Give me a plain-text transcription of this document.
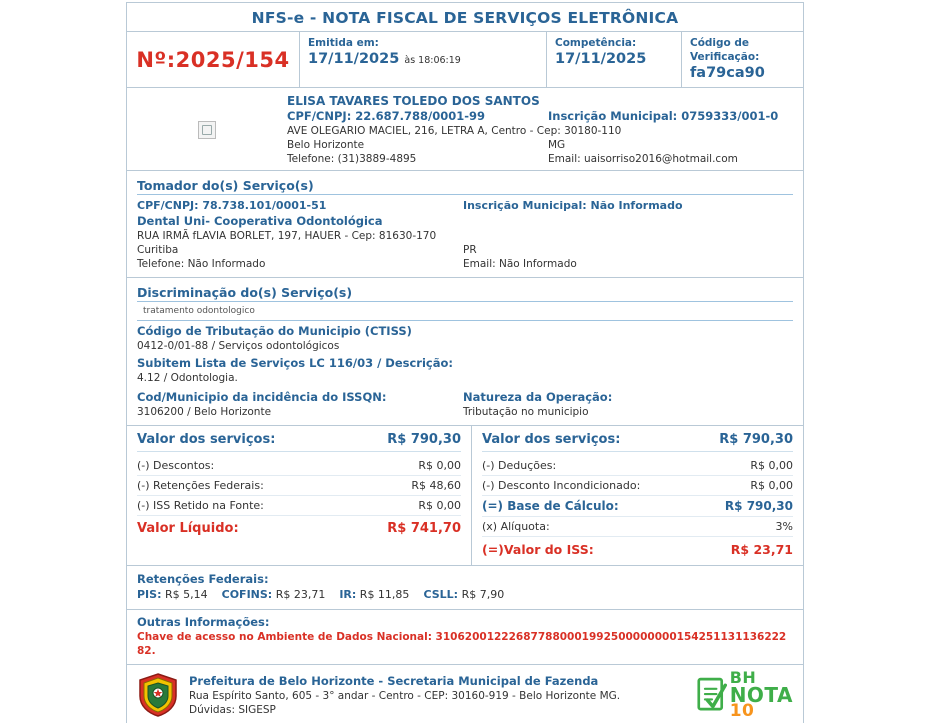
NFS-e - NOTA FISCAL DE SERVIÇOS ELETRÔNICA
Nº:2025/154
Emitida em:
17/11/2025 às 18:06:19
Competência:
17/11/2025
Código de Verificação:
fa79ca90
ELISA TAVARES TOLEDO DOS SANTOS
CPF/CNPJ: 22.687.788/0001-99	Inscrição Municipal: 0759333/001-0
AVE OLEGARIO MACIEL, 216, LETRA A, Centro - Cep: 30180-110
Belo Horizonte	MG
Telefone: (31)3889-4895	Email: uaisorriso2016@hotmail.com
Tomador do(s) Serviço(s)
CPF/CNPJ: 78.738.101/0001-51	Inscrição Municipal: Não Informado
Dental Uni- Cooperativa Odontológica
RUA IRMÃ fLAVIA BORLET, 197, HAUER - Cep: 81630-170
Curitiba	PR
Telefone: Não Informado	Email: Não Informado
Discriminação do(s) Serviço(s)
tratamento odontologico
Código de Tributação do Municipio (CTISS)
0412-0/01-88 / Serviços odontológicos
Subitem Lista de Serviços LC 116/03 / Descrição:
4.12 / Odontologia.
Cod/Municipio da incidência do ISSQN:
3106200 / Belo Horizonte
Natureza da Operação:
Tributação no municipio
Valor dos serviços:	R$ 790,30
(-) Descontos:	R$ 0,00
(-) Retenções Federais:	R$ 48,60
(-) ISS Retido na Fonte:	R$ 0,00
Valor Líquido:	R$ 741,70
Valor dos serviços:	R$ 790,30
(-) Deduções:	R$ 0,00
(-) Desconto Incondicionado:	R$ 0,00
(=) Base de Cálculo:	R$ 790,30
(x) Alíquota:	3%
(=)Valor do ISS:	R$ 23,71
Retenções Federais:
PIS: R$ 5,14 COFINS: R$ 23,71 IR: R$ 11,85 CSLL: R$ 7,90
Outras Informações:
Chave de acesso no Ambiente de Dados Nacional: 31062001222687788000199250000000015425113113622282.
Prefeitura de Belo Horizonte - Secretaria Municipal de Fazenda
Rua Espírito Santo, 605 - 3° andar - Centro - CEP: 30160-919 - Belo Horizonte MG.
Dúvidas: SIGESP
BH
NOTA
10
